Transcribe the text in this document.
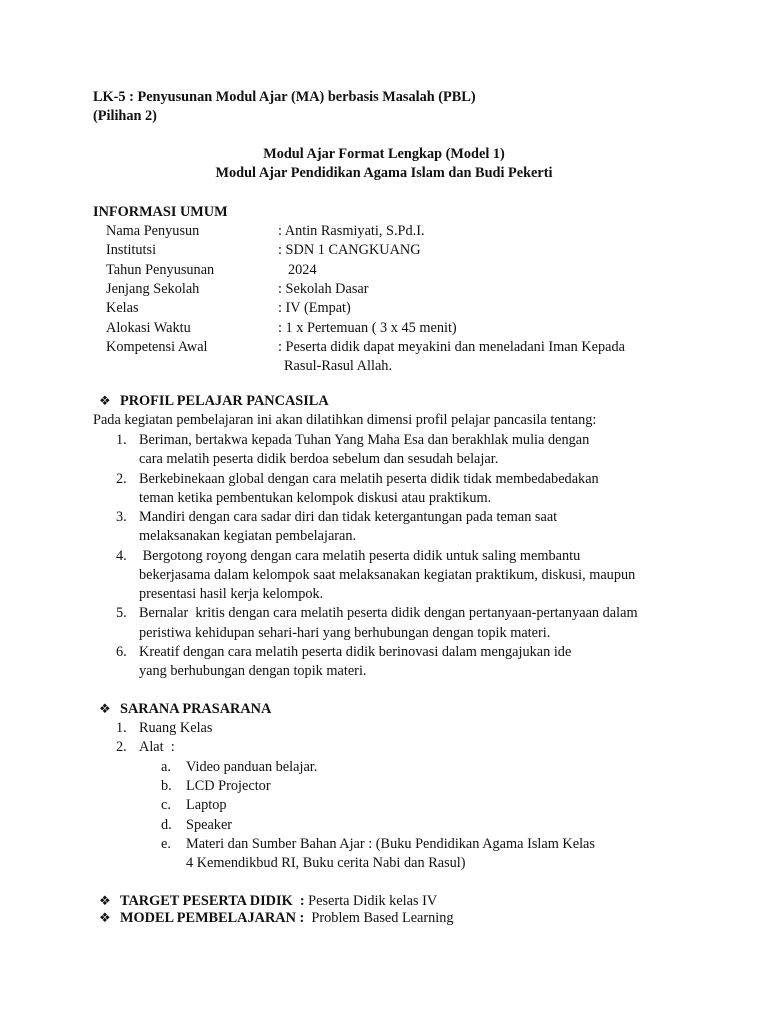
LK-5 : Penyusunan Modul Ajar (MA) berbasis Masalah (PBL)
(Pilihan 2)
Modul Ajar Format Lengkap (Model 1)
Modul Ajar Pendidikan Agama Islam dan Budi Pekerti
INFORMASI UMUM
Nama Penyusun	: Antin Rasmiyati, S.Pd.I.
Institutsi	: SDN 1 CANGKUANG
Tahun Penyusunan	2024
Jenjang Sekolah	: Sekolah Dasar
Kelas	: IV (Empat)
Alokasi Waktu	: 1 x Pertemuan ( 3 x 45 menit)
Kompetensi Awal	: Peserta didik dapat meyakini dan meneladani Iman Kepada
Rasul-Rasul Allah.
❖ PROFIL PELAJAR PANCASILA
Pada kegiatan pembelajaran ini akan dilatihkan dimensi profil pelajar pancasila tentang:
1. Beriman, bertakwa kepada Tuhan Yang Maha Esa dan berakhlak mulia dengan
cara melatih peserta didik berdoa sebelum dan sesudah belajar.
2. Berkebinekaan global dengan cara melatih peserta didik tidak membedabedakan
teman ketika pembentukan kelompok diskusi atau praktikum.
3. Mandiri dengan cara sadar diri dan tidak ketergantungan pada teman saat
melaksanakan kegiatan pembelajaran.
4. Bergotong royong dengan cara melatih peserta didik untuk saling membantu
bekerjasama dalam kelompok saat melaksanakan kegiatan praktikum, diskusi, maupun
presentasi hasil kerja kelompok.
5. Bernalar  kritis dengan cara melatih peserta didik dengan pertanyaan-pertanyaan dalam
peristiwa kehidupan sehari-hari yang berhubungan dengan topik materi.
6. Kreatif dengan cara melatih peserta didik berinovasi dalam mengajukan ide
yang berhubungan dengan topik materi.
❖ SARANA PRASARANA
1. Ruang Kelas
2. Alat  :
a. Video panduan belajar.
b. LCD Projector
c. Laptop
d. Speaker
e. Materi dan Sumber Bahan Ajar : (Buku Pendidikan Agama Islam Kelas
4 Kemendikbud RI, Buku cerita Nabi dan Rasul)
❖ TARGET PESERTA DIDIK  : Peserta Didik kelas IV
❖ MODEL PEMBELAJARAN :  Problem Based Learning
